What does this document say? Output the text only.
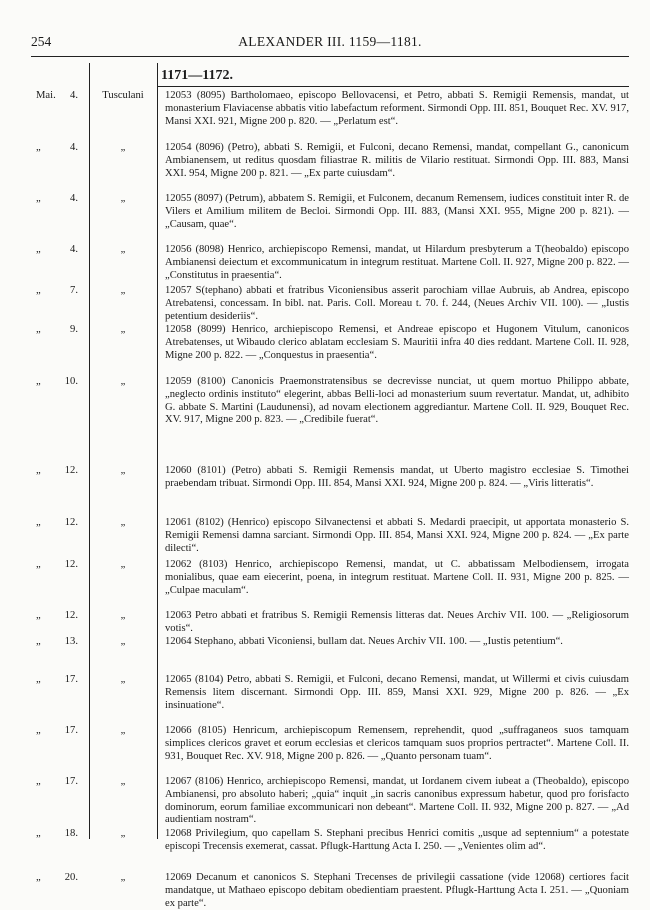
254	ALEXANDER III. 1159—1181.
1171—1172.
Mai.	4.	Tusculani	12053 (8095) Bartholomaeo, episcopo Bellovacensi, et Petro, abbati S. Remigii Remensis, mandat, ut monasterium Flaviacense abbatis vitio labefactum reforment. Sirmondi Opp. III. 851, Bouquet Rec. XV. 917, Mansi XXI. 921, Migne 200 p. 820. — „Perlatum est“.
„	4.	„	12054 (8096) (Petro), abbati S. Remigii, et Fulconi, decano Remensi, mandat, compellant G., canonicum Ambianensem, ut reditus quosdam filiastrae R. militis de Vilario restituat. Sirmondi Opp. III. 883, Mansi XXI. 954, Migne 200 p. 821. — „Ex parte cuiusdam“.
„	4.	„	12055 (8097) (Petrum), abbatem S. Remigii, et Fulconem, decanum Remensem, iudices constituit inter R. de Vilers et Amilium militem de Becloi. Sirmondi Opp. III. 883, (Mansi XXI. 955, Migne 200 p. 821). — „Causam, quae“.
„	4.	„	12056 (8098) Henrico, archiepiscopo Remensi, mandat, ut Hilardum presbyterum a T(heobaldo) episcopo Ambianensi deiectum et excommunicatum in integrum restituat. Martene Coll. II. 927, Migne 200 p. 822. — „Constitutus in praesentia“.
„	7.	„	12057 S(tephano) abbati et fratribus Viconiensibus asserit parochiam villae Aubruis, ab Andrea, episcopo Atrebatensi, concessam. In bibl. nat. Paris. Coll. Moreau t. 70. f. 244, (Neues Archiv VII. 100). — „Iustis petentium desideriis“.
„	9.	„	12058 (8099) Henrico, archiepiscopo Remensi, et Andreae episcopo et Hugonem Vitulum, canonicos Atrebatenses, ut Wibaudo clerico ablatam ecclesiam S. Mauritii infra 40 dies reddant. Martene Coll. II. 928, Migne 200 p. 822. — „Conquestus in praesentia“.
„	10.	„	12059 (8100) Canonicis Praemonstratensibus se decrevisse nunciat, ut quem mortuo Philippo abbate, „neglecto ordinis instituto“ elegerint, abbas Belli-loci ad monasterium suum revertatur. Mandat, ut, adhibito G. abbate S. Martini (Laudunensi), ad novam electionem aggrediantur. Martene Coll. II. 929, Bouquet Rec. XV. 917, Migne 200 p. 823. — „Credibile fuerat“.
„	12.	„	12060 (8101) (Petro) abbati S. Remigii Remensis mandat, ut Uberto magistro ecclesiae S. Timothei praebendam tribuat. Sirmondi Opp. III. 854, Mansi XXI. 924, Migne 200 p. 824. — „Viris litteratis“.
„	12.	„	12061 (8102) (Henrico) episcopo Silvanectensi et abbati S. Medardi praecipit, ut apportata monasterio S. Remigii Remensi damna sarciant. Sirmondi Opp. III. 854, Mansi XXI. 924, Migne 200 p. 824. — „Ex parte dilecti“.
„	12.	„	12062 (8103) Henrico, archiepiscopo Remensi, mandat, ut C. abbatissam Melbodiensem, irrogata monialibus, quae eam eiecerint, poena, in integrum restituat. Martene Coll. II. 931, Migne 200 p. 825. — „Culpae maculam“.
„	12.	„	12063 Petro abbati et fratribus S. Remigii Remensis litteras dat. Neues Archiv VII. 100. — „Religiosorum votis“.
„	13.	„	12064 Stephano, abbati Viconiensi, bullam dat. Neues Archiv VII. 100. — „Iustis petentium“.
„	17.	„	12065 (8104) Petro, abbati S. Remigii, et Fulconi, decano Remensi, mandat, ut Willermi et civis cuiusdam Remensis litem discernant. Sirmondi Opp. III. 859, Mansi XXI. 929, Migne 200 p. 826. — „Ex insinuatione“.
„	17.	„	12066 (8105) Henricum, archiepiscopum Remensem, reprehendit, quod „suffraganeos suos tamquam simplices clericos gravet et eorum ecclesias et clericos tamquam suos proprios pertractet“. Martene Coll. II. 931, Bouquet Rec. XV. 918, Migne 200 p. 826. — „Quanto personam tuam“.
„	17.	„	12067 (8106) Henrico, archiepiscopo Remensi, mandat, ut Iordanem civem iubeat a (Theobaldo), episcopo Ambianensi, pro absoluto haberi; „quia“ inquit „in sacris canonibus expressum habetur, quod pro forisfacto dominorum, eorum familiae excommunicari non debeant“. Martene Coll. II. 932, Migne 200 p. 827. — „Ad audientiam nostram“.
„	18.	„	12068 Privilegium, quo capellam S. Stephani precibus Henrici comitis „usque ad septennium“ a potestate episcopi Trecensis exemerat, cassat. Pflugk-Harttung Acta I. 250. — „Venientes olim ad“.
„	20.	„	12069 Decanum et canonicos S. Stephani Trecenses de privilegii cassatione (vide 12068) certiores facit mandatque, ut Mathaeo episcopo debitam obedientiam praestent. Pflugk-Harttung Acta I. 251. — „Quoniam ex parte“.
